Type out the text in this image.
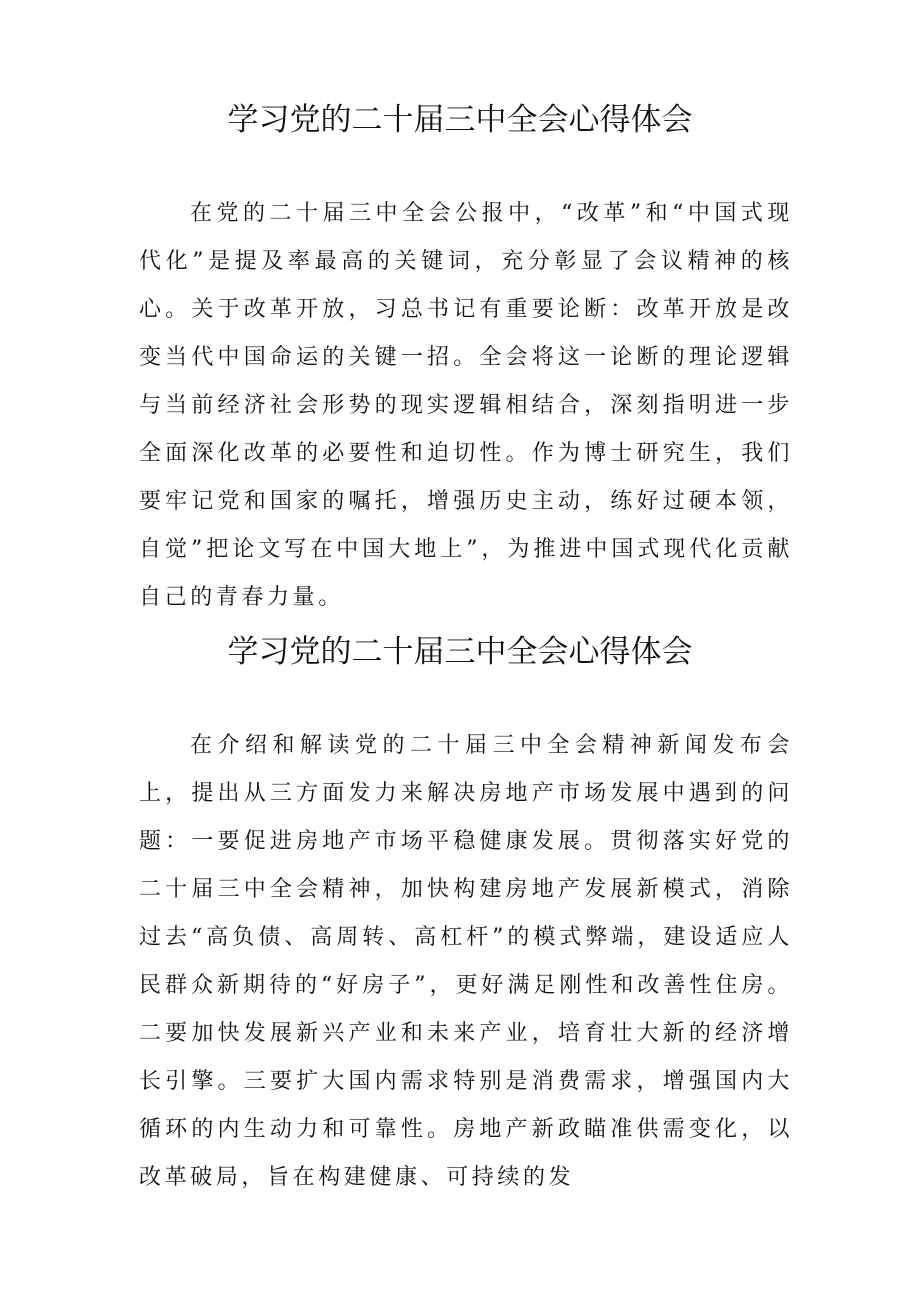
学习党的二十届三中全会心得体会

在党的二十届三中全会公报中，“改革”和“中国式现代化”是提及率最高的关键词，充分彰显了会议精神的核心。关于改革开放，习总书记有重要论断：改革开放是改变当代中国命运的关键一招。全会将这一论断的理论逻辑与当前经济社会形势的现实逻辑相结合，深刻指明进一步全面深化改革的必要性和迫切性。作为博士研究生，我们要牢记党和国家的嘱托，增强历史主动，练好过硬本领，自觉”把论文写在中国大地上”，为推进中国式现代化贡献自己的青春力量。

学习党的二十届三中全会心得体会

在介绍和解读党的二十届三中全会精神新闻发布会上，提出从三方面发力来解决房地产市场发展中遇到的问题：一要促进房地产市场平稳健康发展。贯彻落实好党的二十届三中全会精神，加快构建房地产发展新模式，消除过去“高负债、高周转、高杠杆”的模式弊端，建设适应人民群众新期待的“好房子”，更好满足刚性和改善性住房。二要加快发展新兴产业和未来产业，培育壮大新的经济增长引擎。三要扩大国内需求特别是消费需求，增强国内大循环的内生动力和可靠性。房地产新政瞄准供需变化，以改革破局，旨在构建健康、可持续的发
